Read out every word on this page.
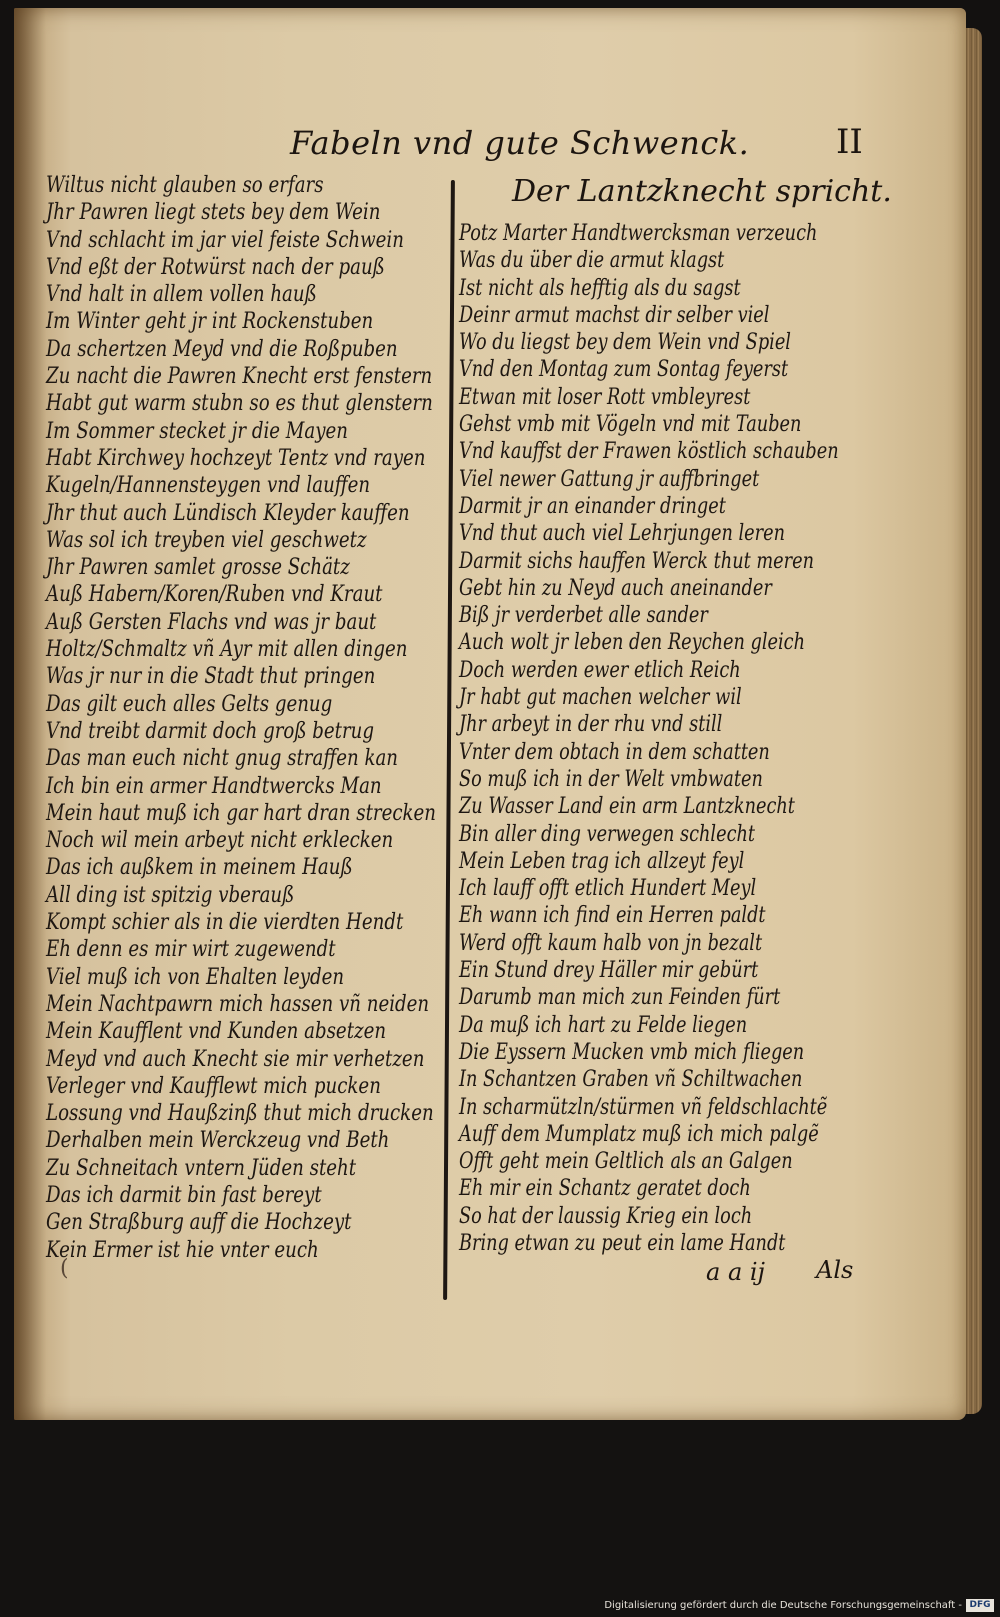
Fabeln vnd gute Schwenck.	II
Wiltus nicht glauben so erfars
Jhr Pawren liegt stets bey dem Wein
Vnd schlacht im jar viel feiste Schwein
Vnd eßt der Rotwürst nach der pauß
Vnd halt in allem vollen hauß
Im Winter geht jr int Rockenstuben
Da schertzen Meyd vnd die Roßpuben
Zu nacht die Pawren Knecht erst fenstern
Habt gut warm stubn so es thut glenstern
Im Sommer stecket jr die Mayen
Habt Kirchwey hochzeyt Tentz vnd rayen
Kugeln/Hannensteygen vnd lauffen
Jhr thut auch Lündisch Kleyder kauffen
Was sol ich treyben viel geschwetz
Jhr Pawren samlet grosse Schätz
Auß Habern/Koren/Ruben vnd Kraut
Auß Gersten Flachs vnd was jr baut
Holtz/Schmaltz vñ Ayr mit allen dingen
Was jr nur in die Stadt thut pringen
Das gilt euch alles Gelts genug
Vnd treibt darmit doch groß betrug
Das man euch nicht gnug straffen kan
Ich bin ein armer Handtwercks Man
Mein haut muß ich gar hart dran strecken
Noch wil mein arbeyt nicht erklecken
Das ich außkem in meinem Hauß
All ding ist spitzig vberauß
Kompt schier als in die vierdten Hendt
Eh denn es mir wirt zugewendt
Viel muß ich von Ehalten leyden
Mein Nachtpawrn mich hassen vñ neiden
Mein Kaufflent vnd Kunden absetzen
Meyd vnd auch Knecht sie mir verhetzen
Verleger vnd Kaufflewt mich pucken
Lossung vnd Haußzinß thut mich drucken
Derhalben mein Werckzeug vnd Beth
Zu Schneitach vntern Jüden steht
Das ich darmit bin fast bereyt
Gen Straßburg auff die Hochzeyt
Kein Ermer ist hie vnter euch
Der Lantzknecht spricht.
Potz Marter Handtwercksman verzeuch
Was du über die armut klagst
Ist nicht als hefftig als du sagst
Deinr armut machst dir selber viel
Wo du liegst bey dem Wein vnd Spiel
Vnd den Montag zum Sontag feyerst
Etwan mit loser Rott vmbleyrest
Gehst vmb mit Vögeln vnd mit Tauben
Vnd kauffst der Frawen köstlich schauben
Viel newer Gattung jr auffbringet
Darmit jr an einander dringet
Vnd thut auch viel Lehrjungen leren
Darmit sichs hauffen Werck thut meren
Gebt hin zu Neyd auch aneinander
Biß jr verderbet alle sander
Auch wolt jr leben den Reychen gleich
Doch werden ewer etlich Reich
Jr habt gut machen welcher wil
Jhr arbeyt in der rhu vnd still
Vnter dem obtach in dem schatten
So muß ich in der Welt vmbwaten
Zu Wasser Land ein arm Lantzknecht
Bin aller ding verwegen schlecht
Mein Leben trag ich allzeyt feyl
Ich lauff offt etlich Hundert Meyl
Eh wann ich find ein Herren paldt
Werd offt kaum halb von jn bezalt
Ein Stund drey Häller mir gebürt
Darumb man mich zun Feinden fürt
Da muß ich hart zu Felde liegen
Die Eyssern Mucken vmb mich fliegen
In Schantzen Graben vñ Schiltwachen
In scharmützln/stürmen vñ feldschlachtẽ
Auff dem Mumplatz muß ich mich palgẽ
Offt geht mein Geltlich als an Galgen
Eh mir ein Schantz geratet doch
So hat der laussig Krieg ein loch
Bring etwan zu peut ein lame Handt
(	a a ij Als
Digitalisierung gefördert durch die Deutsche Forschungsgemeinschaft - DFG
